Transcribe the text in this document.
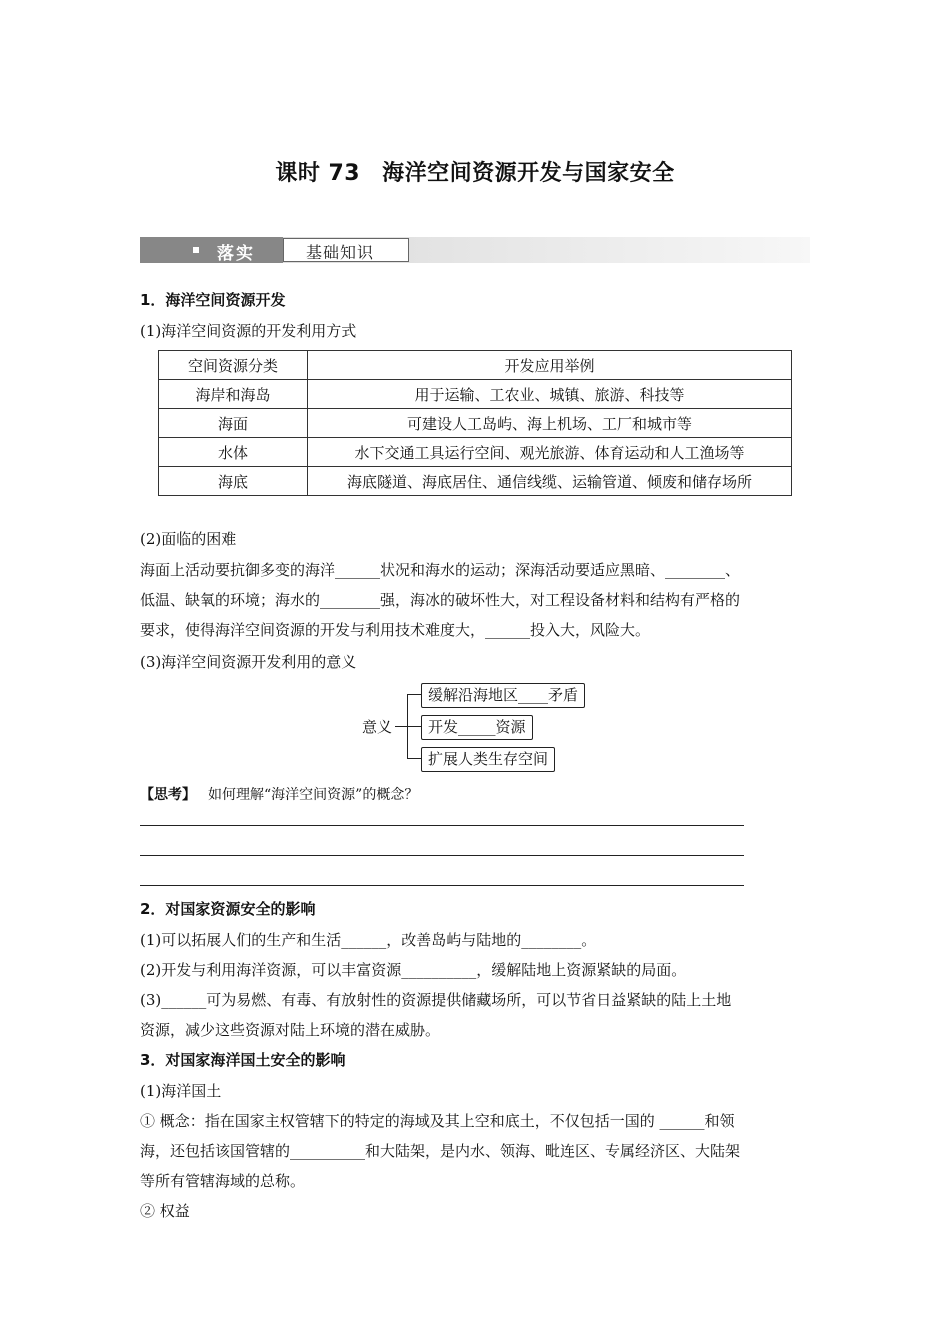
课时 73 海洋空间资源开发与国家安全
落实	基础知识
1．海洋空间资源开发
(1)海洋空间资源的开发利用方式
空间资源分类	开发应用举例
海岸和海岛	用于运输、工农业、城镇、旅游、科技等
海面	可建设人工岛屿、海上机场、工厂和城市等
水体	水下交通工具运行空间、观光旅游、体育运动和人工渔场等
海底	海底隧道、海底居住、通信线缆、运输管道、倾废和储存场所
(2)面临的困难
海面上活动要抗御多变的海洋______状况和海水的运动；深海活动要适应黑暗、________、
低温、缺氧的环境；海水的________强，海冰的破坏性大，对工程设备材料和结构有严格的
要求，使得海洋空间资源的开发与利用技术难度大，______投入大，风险大。
(3)海洋空间资源开发利用的意义
意义
缓解沿海地区____矛盾
开发_____资源
扩展人类生存空间
【思考】 如何理解“海洋空间资源”的概念？
2．对国家资源安全的影响
(1)可以拓展人们的生产和生活______，改善岛屿与陆地的________。
(2)开发与利用海洋资源，可以丰富资源__________，缓解陆地上资源紧缺的局面。
(3)______可为易燃、有毒、有放射性的资源提供储藏场所，可以节省日益紧缺的陆上土地
资源，减少这些资源对陆上环境的潜在威胁。
3．对国家海洋国土安全的影响
(1)海洋国土
① 概念：指在国家主权管辖下的特定的海域及其上空和底土，不仅包括一国的 ______和领
海，还包括该国管辖的__________和大陆架，是内水、领海、毗连区、专属经济区、大陆架
等所有管辖海域的总称。
② 权益
